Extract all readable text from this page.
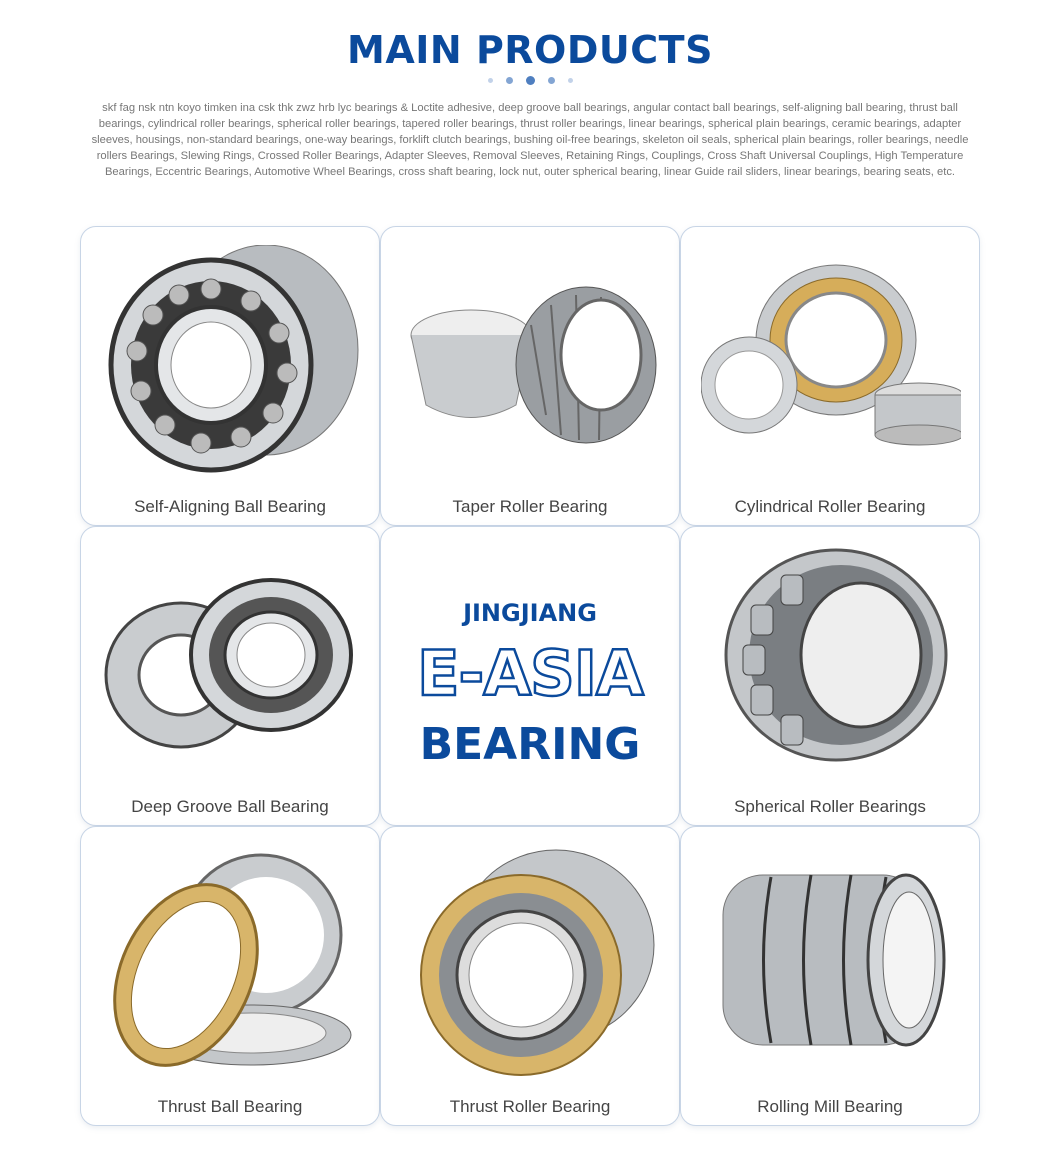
MAIN PRODUCTS
skf fag nsk ntn koyo timken ina csk thk zwz hrb lyc bearings & Loctite adhesive, deep groove ball bearings, angular contact ball bearings, self-aligning ball bearing, thrust ball bearings, cylindrical roller bearings, spherical roller bearings, tapered roller bearings, thrust roller bearings, linear bearings, spherical plain bearings, ceramic bearings, adapter sleeves, housings, non-standard bearings, one-way bearings, forklift clutch bearings, bushing oil-free bearings, skeleton oil seals, spherical plain bearings, roller bearings, needle rollers Bearings, Slewing Rings, Crossed Roller Bearings, Adapter Sleeves, Removal Sleeves, Retaining Rings, Couplings, Cross Shaft Universal Couplings, High Temperature Bearings, Eccentric Bearings, Automotive Wheel Bearings, cross shaft bearing, lock nut, outer spherical bearing, linear Guide rail sliders, linear bearings, bearing seats, etc.
Self-Aligning Ball Bearing	Taper Roller Bearing	Cylindrical Roller Bearing
Deep Groove Ball Bearing
JINGJIANG
E-ASIA
BEARING
Spherical Roller Bearings
Thrust Ball Bearing	Thrust Roller Bearing	Rolling Mill Bearing
